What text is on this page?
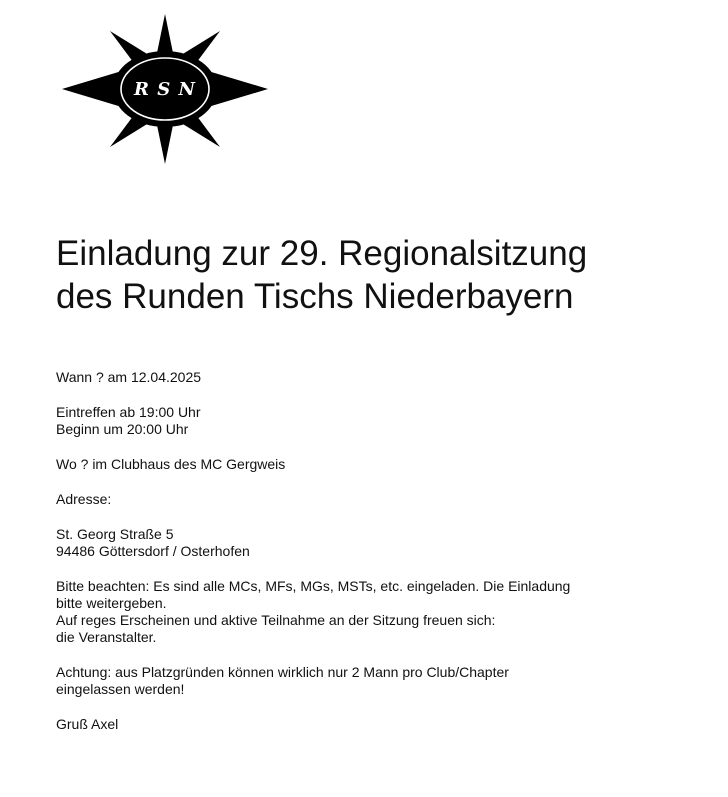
R S N
Einladung zur 29. Regionalsitzung
des Runden Tischs Niederbayern

Wann ? am 12.04.2025

Eintreffen ab 19:00 Uhr
Beginn um 20:00 Uhr

Wo ? im Clubhaus des MC Gergweis

Adresse:

St. Georg Straße 5
94486 Göttersdorf / Osterhofen

Bitte beachten: Es sind alle MCs, MFs, MGs, MSTs, etc. eingeladen. Die Einladung
bitte weitergeben.
Auf reges Erscheinen und aktive Teilnahme an der Sitzung freuen sich:
die Veranstalter.

Achtung: aus Platzgründen können wirklich nur 2 Mann pro Club/Chapter
eingelassen werden!

Gruß Axel
